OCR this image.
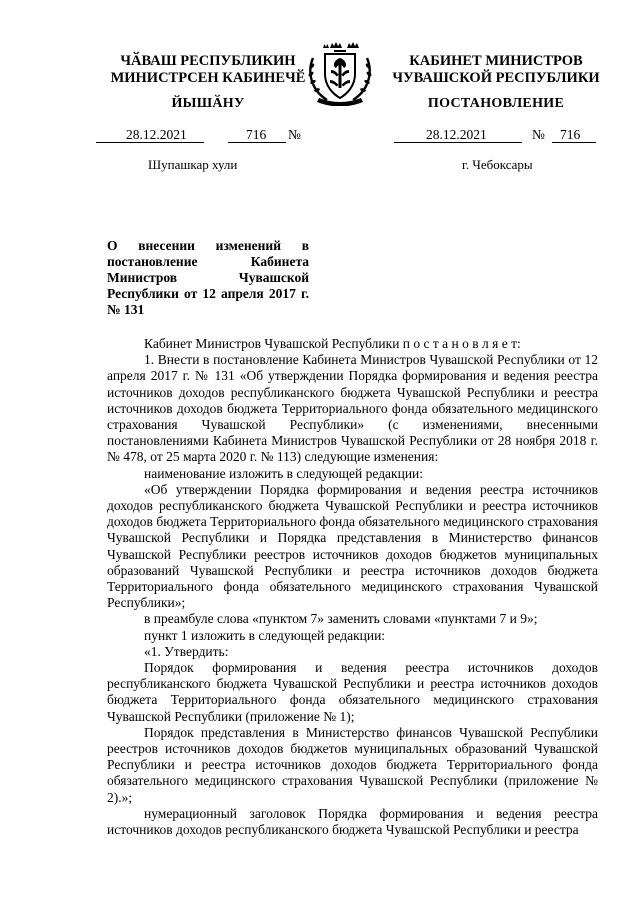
ЧӐВАШ РЕСПУБЛИКИН
МИНИСТРСЕН КАБИНЕЧӖ
ЙЫШӐНУ
КАБИНЕТ МИНИСТРОВ
ЧУВАШСКОЙ РЕСПУБЛИКИ
ПОСТАНОВЛЕНИЕ
28.12.2021	716 №	28.12.2021	№ 716
Шупашкар хули	г. Чебоксары
О внесении изменений в постановление Кабинета Министров Чувашской Республики от 12 апреля 2017 г. № 131

Кабинет Министров Чувашской Республики п о с т а н о в л я е т:

1. Внести в постановление Кабинета Министров Чувашской Республики от 12 апреля 2017 г. № 131 «Об утверждении Порядка формирования и ведения реестра источников доходов республиканского бюджета Чувашской Республики и реестра источников доходов бюджета Территориального фонда обязательного медицинского страхования Чувашской Республики» (с изменениями, внесенными постановлениями Кабинета Министров Чувашской Республики от 28 ноября 2018 г. № 478, от 25 марта 2020 г. № 113) следующие изменения:

наименование изложить в следующей редакции:

«Об утверждении Порядка формирования и ведения реестра источников доходов республиканского бюджета Чувашской Республики и реестра источников доходов бюджета Территориального фонда обязательного медицинского страхования Чувашской Республики и Порядка представления в Министерство финансов Чувашской Республики реестров источников доходов бюджетов муниципальных образований Чувашской Республики и реестра источников доходов бюджета Территориального фонда обязательного медицинского страхования Чувашской Республики»;

в преамбуле слова «пунктом 7» заменить словами «пунктами 7 и 9»;

пункт 1 изложить в следующей редакции:

«1. Утвердить:

Порядок формирования и ведения реестра источников доходов республиканского бюджета Чувашской Республики и реестра источников доходов бюджета Территориального фонда обязательного медицинского страхования Чувашской Республики (приложение № 1);

Порядок представления в Министерство финансов Чувашской Республики реестров источников доходов бюджетов муниципальных образований Чувашской Республики и реестра источников доходов бюджета Территориального фонда обязательного медицинского страхования Чувашской Республики (приложение № 2).»;

нумерационный заголовок Порядка формирования и ведения реестра источников доходов республиканского бюджета Чувашской Республики и реестра
